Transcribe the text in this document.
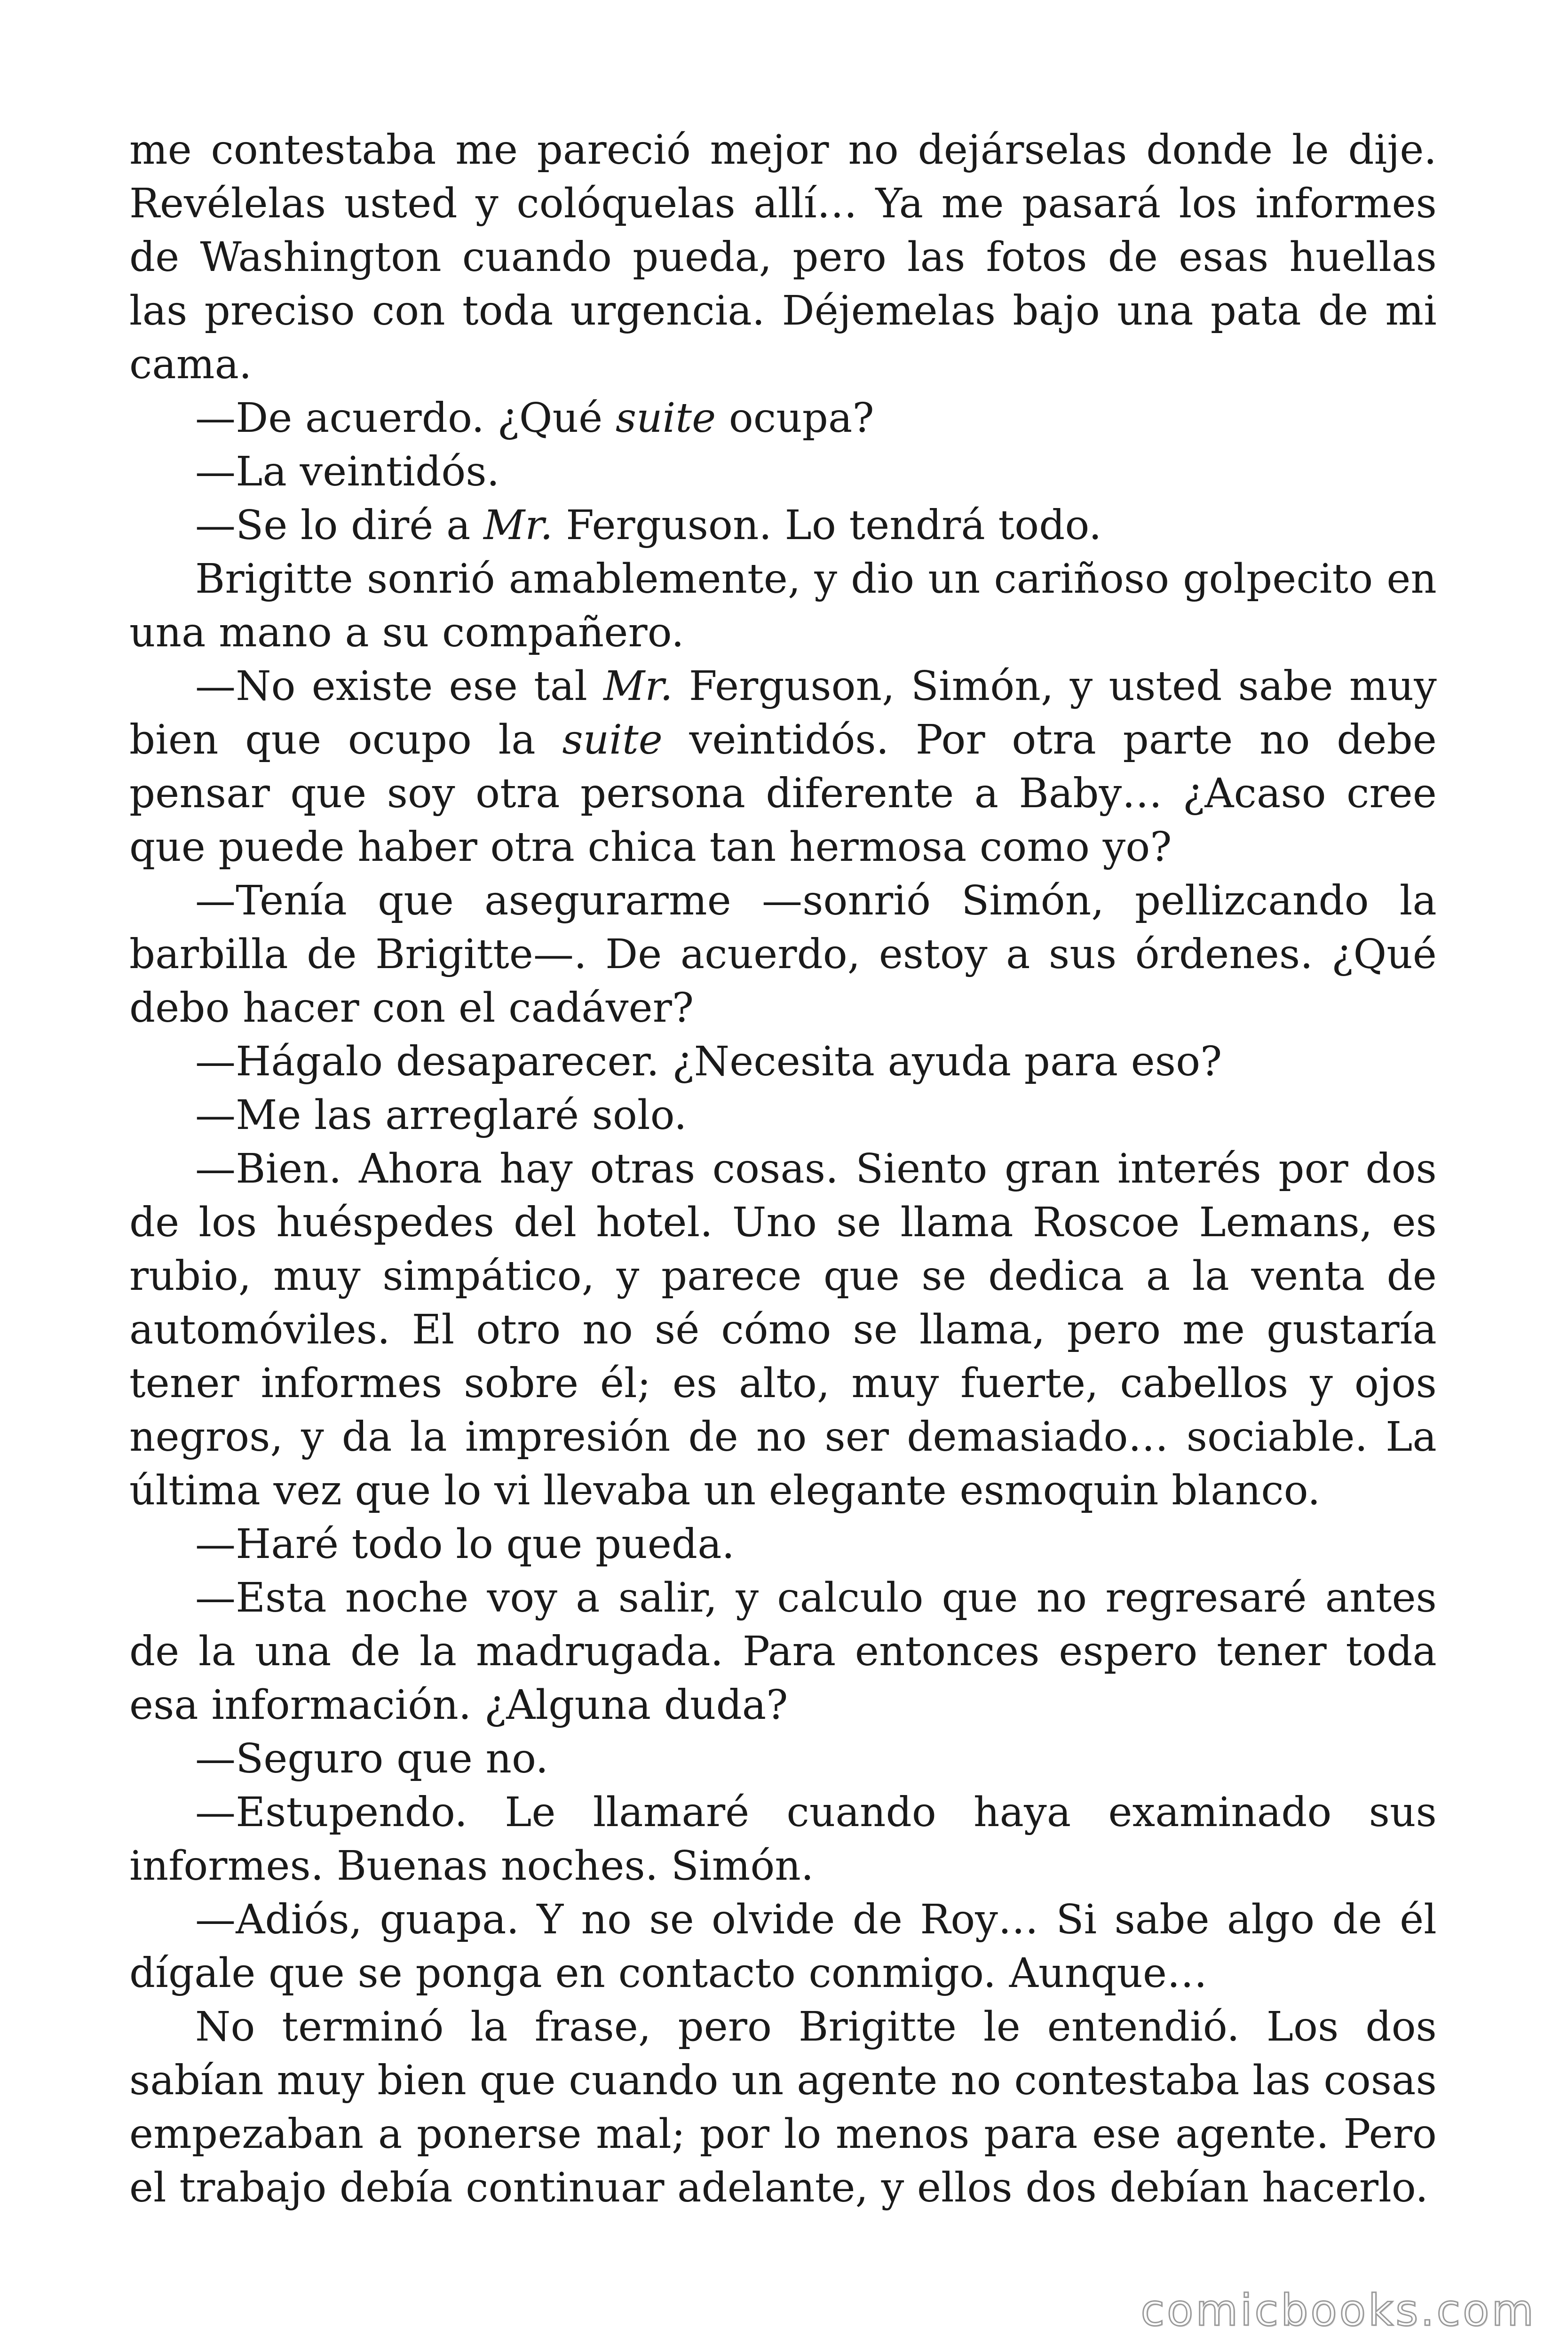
me contestaba me pareció mejor no dejárselas donde le dije. Revélelas usted y colóquelas allí… Ya me pasará los informes de Washington cuando pueda, pero las fotos de esas huellas las preciso con toda urgencia. Déjemelas bajo una pata de mi cama.

—De acuerdo. ¿Qué suite ocupa?

—La veintidós.

—Se lo diré a Mr. Ferguson. Lo tendrá todo.

Brigitte sonrió amablemente, y dio un cariñoso golpecito en una mano a su compañero.

—No existe ese tal Mr. Ferguson, Simón, y usted sabe muy bien que ocupo la suite veintidós. Por otra parte no debe pensar que soy otra persona diferente a Baby… ¿Acaso cree que puede haber otra chica tan hermosa como yo?

—Tenía que asegurarme —sonrió Simón, pellizcando la barbilla de Brigitte—. De acuerdo, estoy a sus órdenes. ¿Qué debo hacer con el cadáver?

—Hágalo desaparecer. ¿Necesita ayuda para eso?

—Me las arreglaré solo.

—Bien. Ahora hay otras cosas. Siento gran interés por dos de los huéspedes del hotel. Uno se llama Roscoe Lemans, es rubio, muy simpático, y parece que se dedica a la venta de automóviles. El otro no sé cómo se llama, pero me gustaría tener informes sobre él; es alto, muy fuerte, cabellos y ojos negros, y da la impresión de no ser demasiado… sociable. La última vez que lo vi llevaba un elegante esmoquin blanco.

—Haré todo lo que pueda.

—Esta noche voy a salir, y calculo que no regresaré antes de la una de la madrugada. Para entonces espero tener toda esa información. ¿Alguna duda?

—Seguro que no.

—Estupendo. Le llamaré cuando haya examinado sus informes. Buenas noches. Simón.

—Adiós, guapa. Y no se olvide de Roy… Si sabe algo de él dígale que se ponga en contacto conmigo. Aunque…

No terminó la frase, pero Brigitte le entendió. Los dos sabían muy bien que cuando un agente no contestaba las cosas empezaban a ponerse mal; por lo menos para ese agente. Pero el trabajo debía continuar adelante, y ellos dos debían hacerlo.

comicbooks.com
